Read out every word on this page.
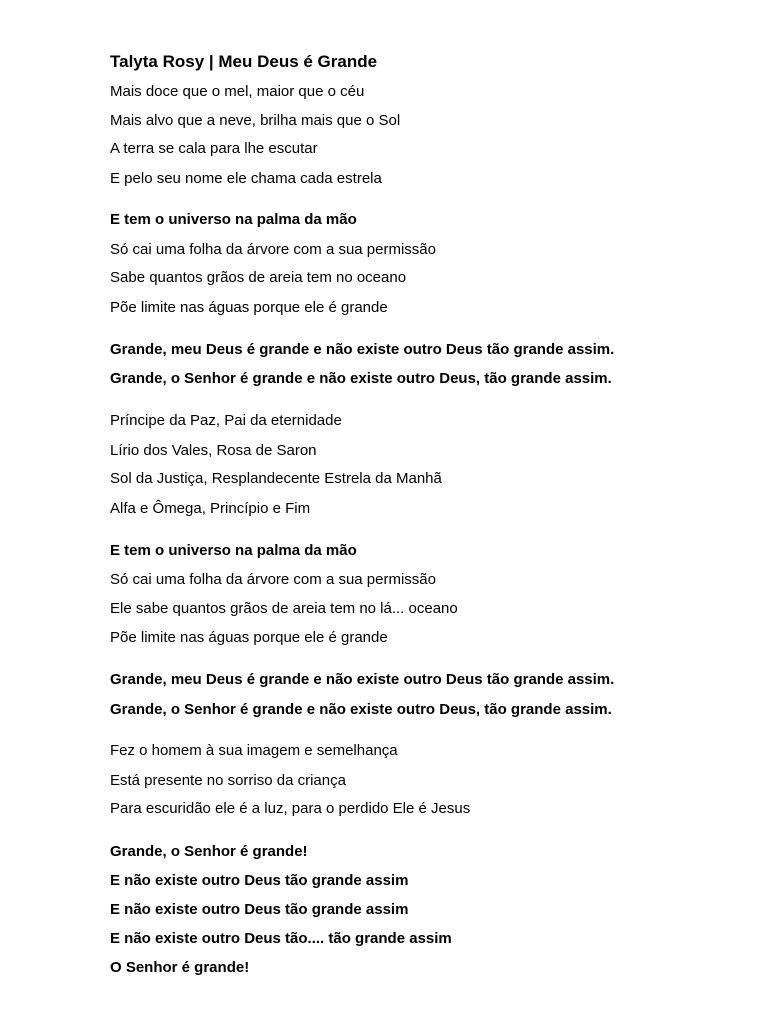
Talyta Rosy | Meu Deus é Grande
Mais doce que o mel, maior que o céu
Mais alvo que a neve, brilha mais que o Sol
A terra se cala para lhe escutar
E pelo seu nome ele chama cada estrela
E tem o universo na palma da mão
Só cai uma folha da árvore com a sua permissão
Sabe quantos grãos de areia tem no oceano
Põe limite nas águas porque ele é grande
Grande, meu Deus é grande e não existe outro Deus tão grande assim.
Grande, o Senhor é grande e não existe outro Deus, tão grande assim.
Príncipe da Paz, Pai da eternidade
Lírio dos Vales, Rosa de Saron
Sol da Justiça, Resplandecente Estrela da Manhã
Alfa e Ômega, Princípio e Fim
E tem o universo na palma da mão
Só cai uma folha da árvore com a sua permissão
Ele sabe quantos grãos de areia tem no lá... oceano
Põe limite nas águas porque ele é grande
Grande, meu Deus é grande e não existe outro Deus tão grande assim.
Grande, o Senhor é grande e não existe outro Deus, tão grande assim.
Fez o homem à sua imagem e semelhança
Está presente no sorriso da criança
Para escuridão ele é a luz, para o perdido Ele é Jesus
Grande, o Senhor é grande!
E não existe outro Deus tão grande assim
E não existe outro Deus tão grande assim
E não existe outro Deus tão.... tão grande assim
O Senhor é grande!
